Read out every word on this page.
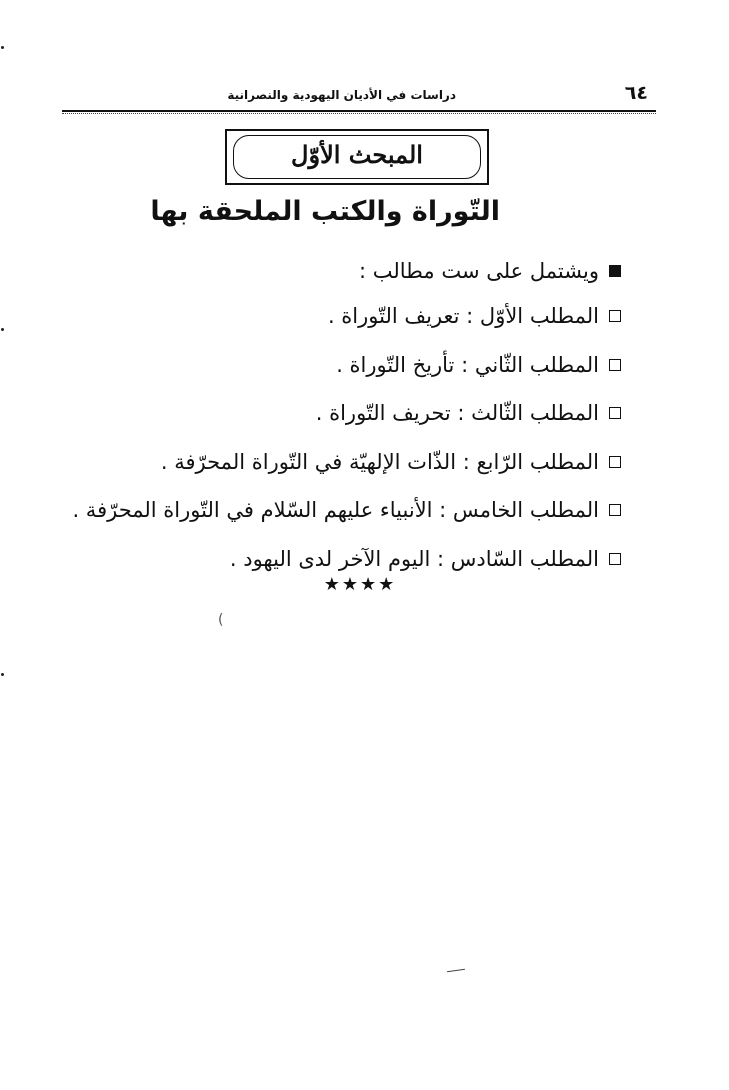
٦٤
دراسات في الأديان اليهودية والنصرانية
المبحث الأوّل
التّوراة والكتب الملحقة بها
ويشتمل على ست مطالب :
المطلب الأوّل : تعريف التّوراة .
المطلب الثّاني : تأريخ التّوراة .
المطلب الثّالث : تحريف التّوراة .
المطلب الرّابع : الذّات الإلهيّة في التّوراة المحرّفة .
المطلب الخامس : الأنبياء عليهم السّلام في التّوراة المحرّفة .
المطلب السّادس : اليوم الآخر لدى اليهود .
★★★★
(
